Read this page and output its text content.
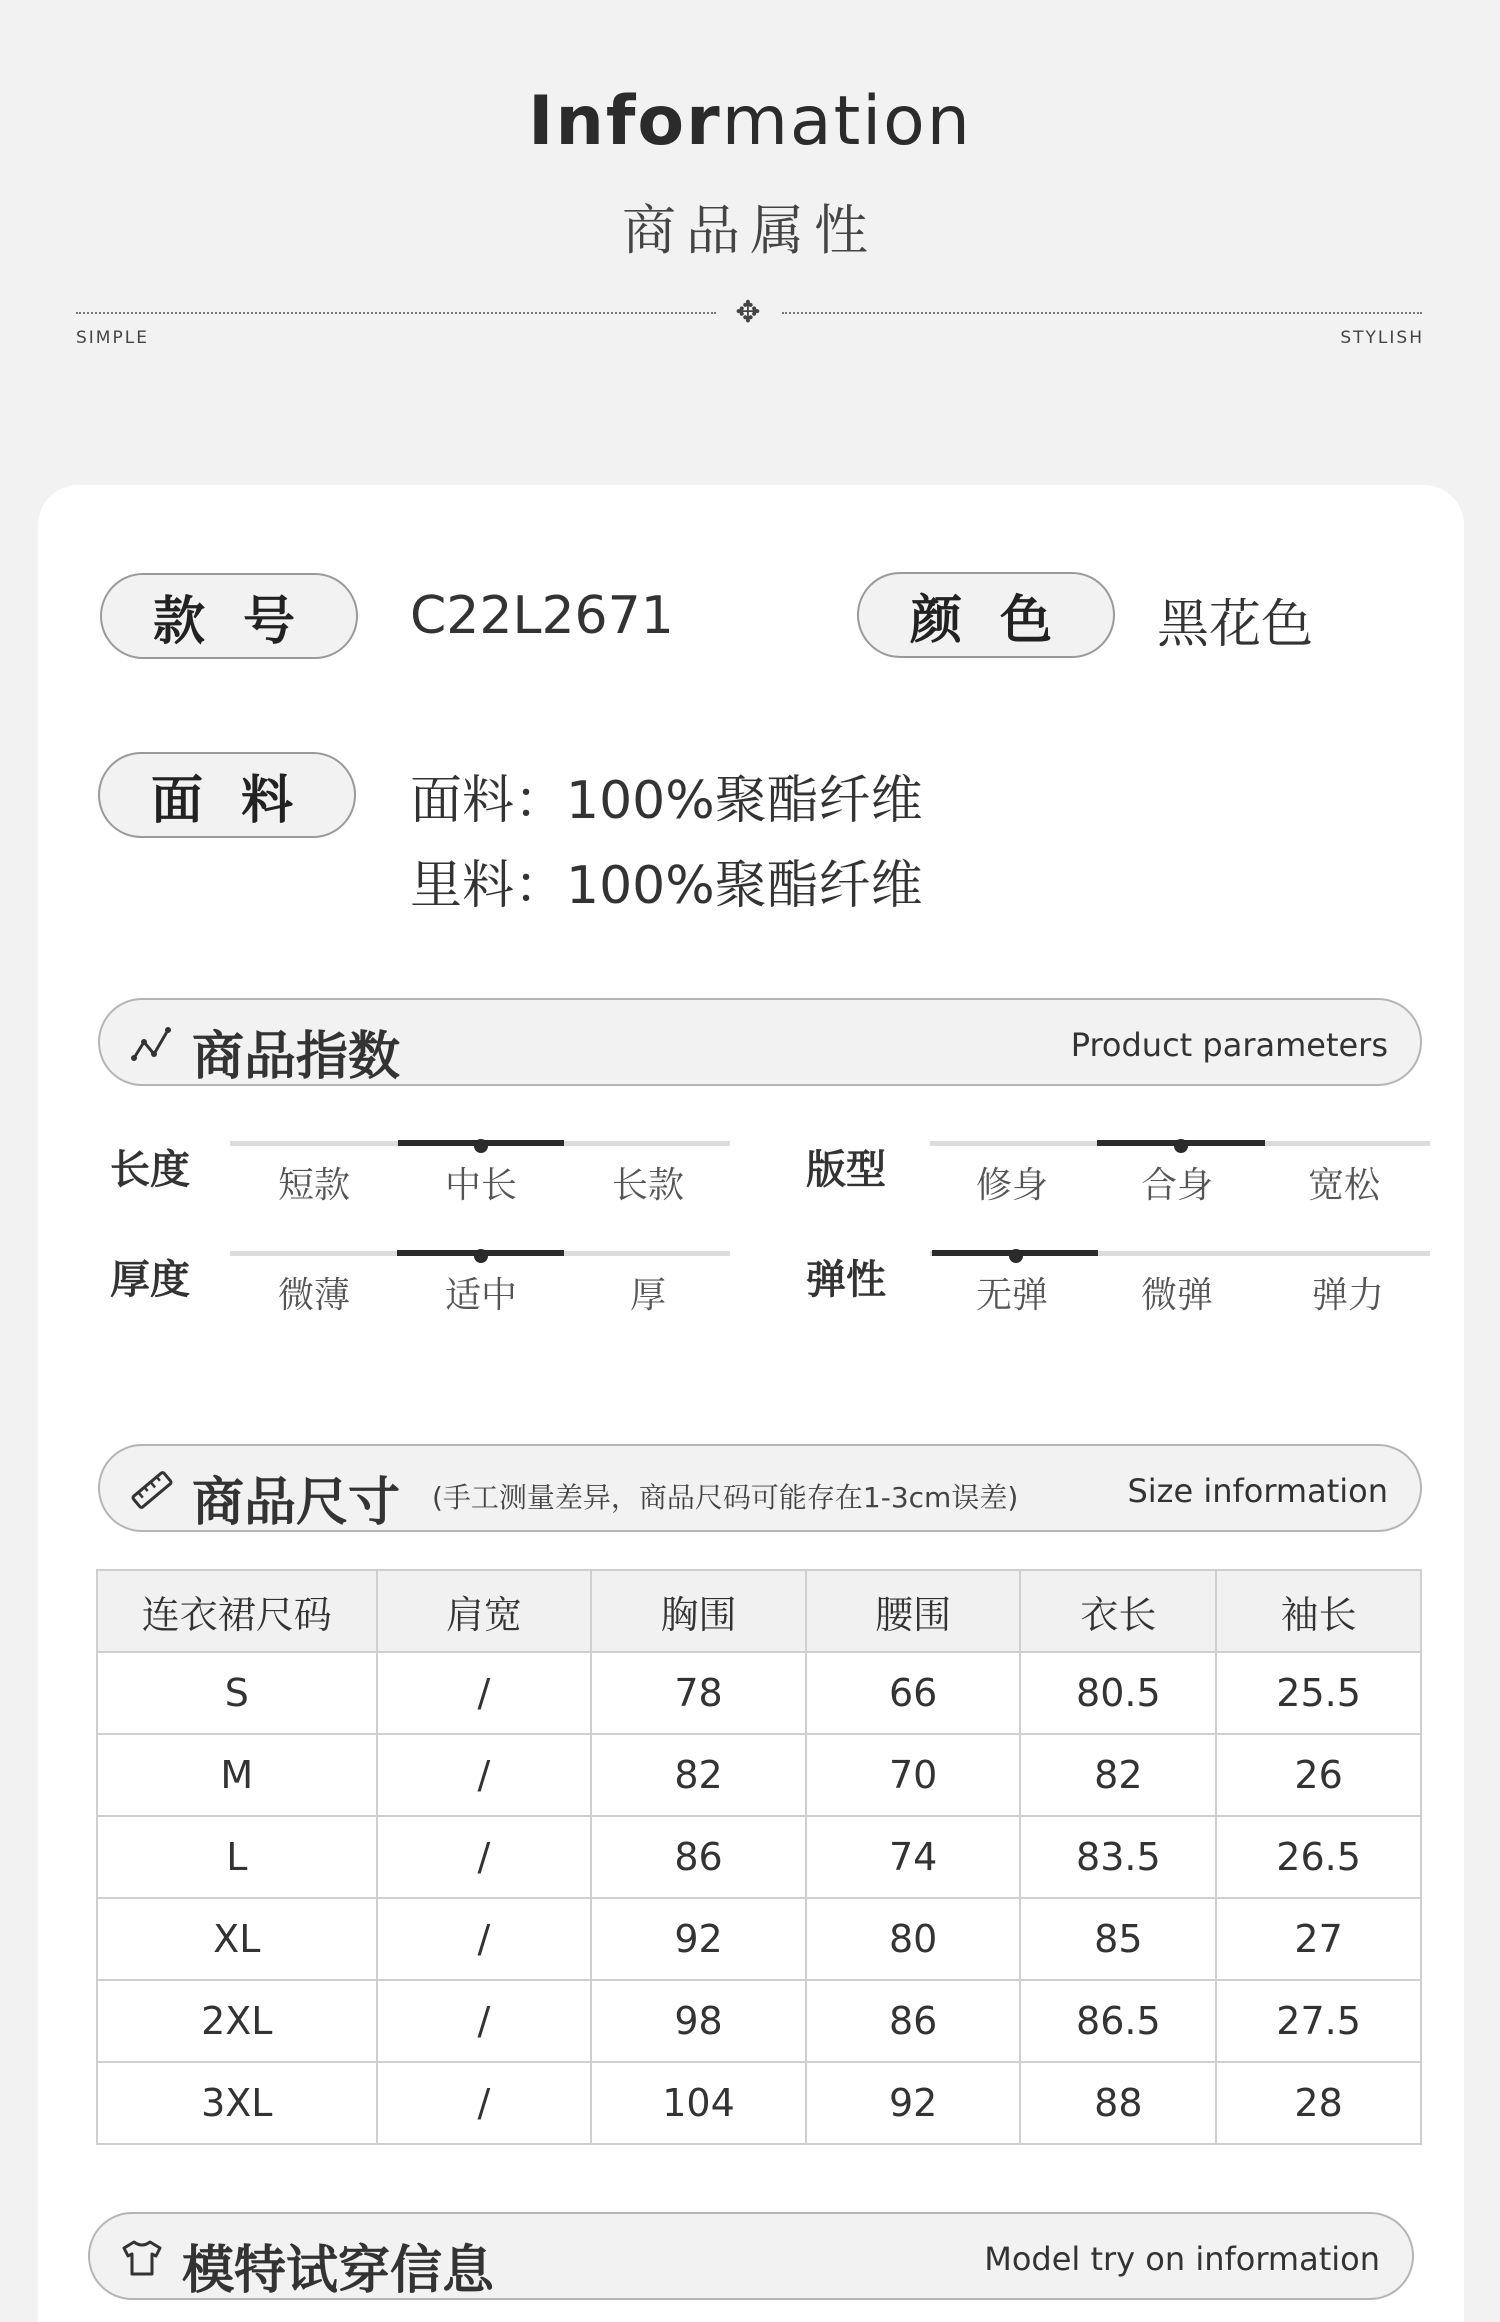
Information
商品属性
✥
SIMPLE	STYLISH
款 号	C22L2671	颜 色	黑花色
面 料	面料：100%聚酯纤维
里料：100%聚酯纤维
商品指数	Product parameters
长度	短款	中长	长款	版型	修身	合身	宽松
厚度	微薄	适中	厚	弹性	无弹	微弹	弹力
商品尺寸 (手工测量差异，商品尺码可能存在1-3cm误差)	Size information
连衣裙尺码	肩宽	胸围	腰围	衣长	袖长
S	/	78	66	80.5	25.5
M	/	82	70	82	26
L	/	86	74	83.5	26.5
XL	/	92	80	85	27
2XL	/	98	86	86.5	27.5
3XL	/	104	92	88	28
模特试穿信息	Model try on information
